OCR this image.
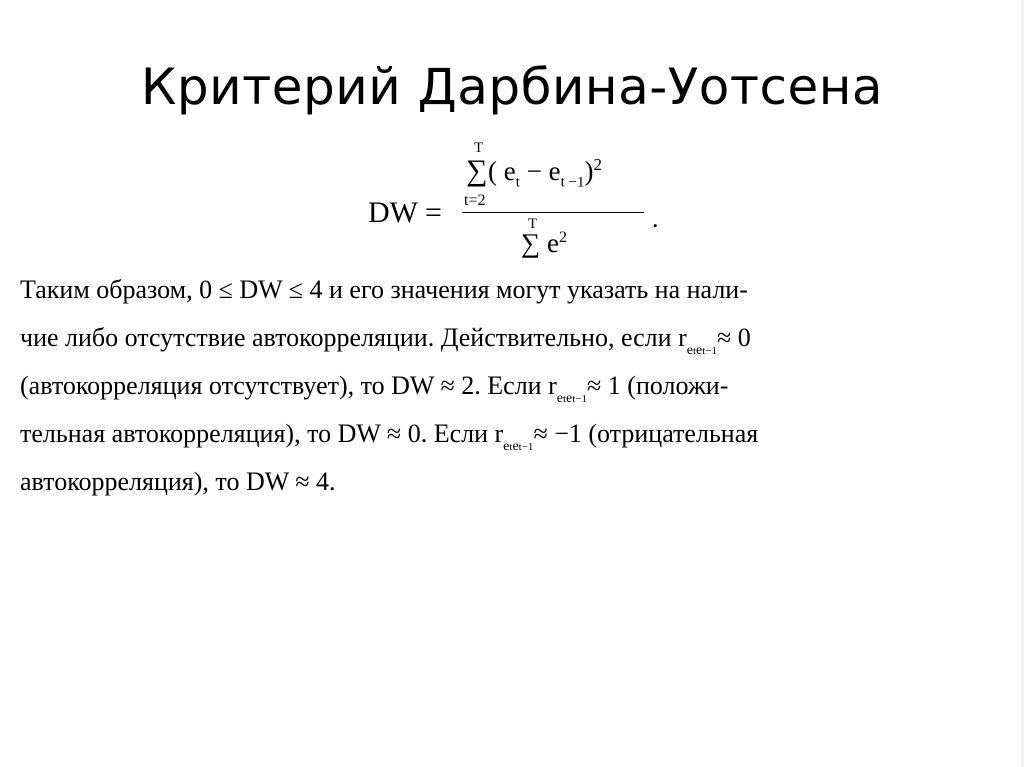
Критерий Дарбина-Уотсена
DW =
T
∑ ( $e_t - e_{t -1})^2$
t=2
.
T
∑ $e^2$
Таким образом, 0 ≤ DW ≤ 4 и его значения могут указать на нали-
чие либо отсутствие автокорреляции. Действительно, если retet−1≈ 0
(автокорреляция отсутствует), то DW ≈ 2. Если retet−1≈ 1 (положи-
тельная автокорреляция), то DW ≈ 0. Если retet−1≈ −1 (отрицательная
автокорреляция), то DW ≈ 4.
